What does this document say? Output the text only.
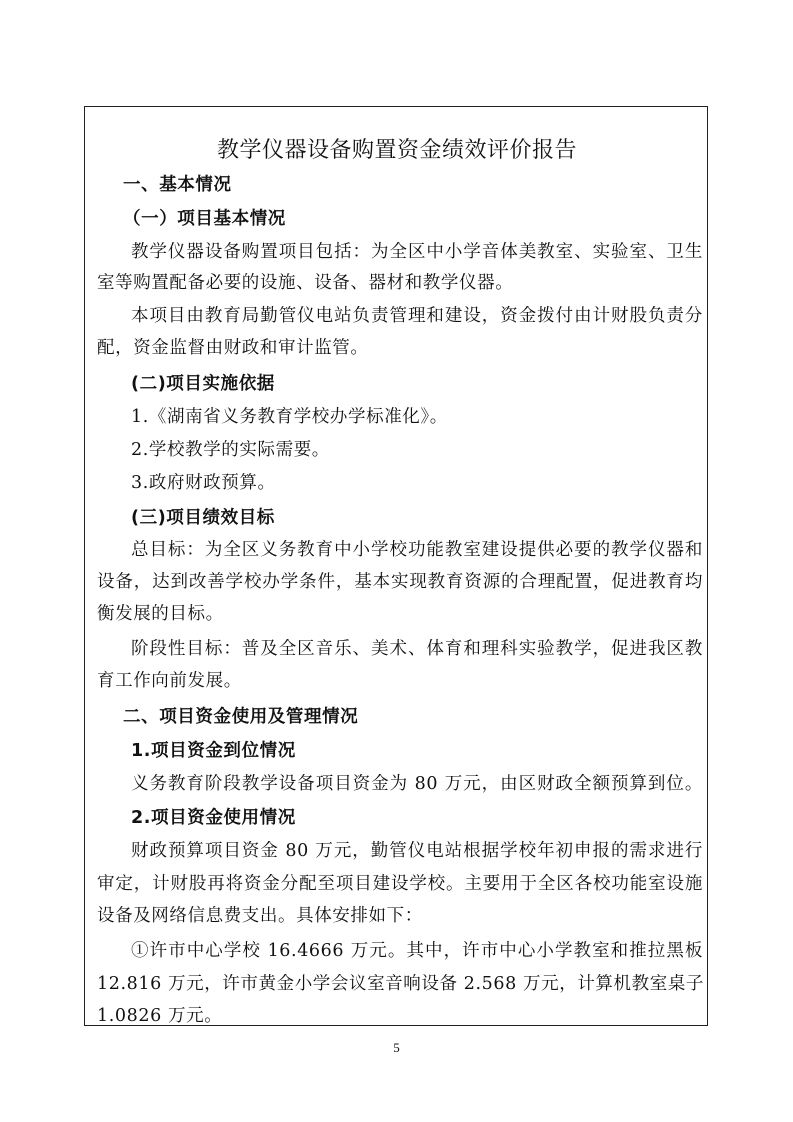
教学仪器设备购置资金绩效评价报告
一、基本情况
（一）项目基本情况
教学仪器设备购置项目包括：为全区中小学音体美教室、实验室、卫生
室等购置配备必要的设施、设备、器材和教学仪器。
本项目由教育局勤管仪电站负责管理和建设，资金拨付由计财股负责分
配，资金监督由财政和审计监管。
(二)项目实施依据
1.《湖南省义务教育学校办学标准化》。
2.学校教学的实际需要。
3.政府财政预算。
(三)项目绩效目标
总目标：为全区义务教育中小学校功能教室建设提供必要的教学仪器和
设备，达到改善学校办学条件，基本实现教育资源的合理配置，促进教育均
衡发展的目标。
阶段性目标：普及全区音乐、美术、体育和理科实验教学，促进我区教
育工作向前发展。
二、项目资金使用及管理情况
1.项目资金到位情况
义务教育阶段教学设备项目资金为 80 万元，由区财政全额预算到位。
2.项目资金使用情况
财政预算项目资金 80 万元，勤管仪电站根据学校年初申报的需求进行
审定，计财股再将资金分配至项目建设学校。主要用于全区各校功能室设施
设备及网络信息费支出。具体安排如下：
①许市中心学校 16.4666 万元。其中，许市中心小学教室和推拉黑板
12.816 万元，许市黄金小学会议室音响设备 2.568 万元，计算机教室桌子
1.0826 万元。
5
